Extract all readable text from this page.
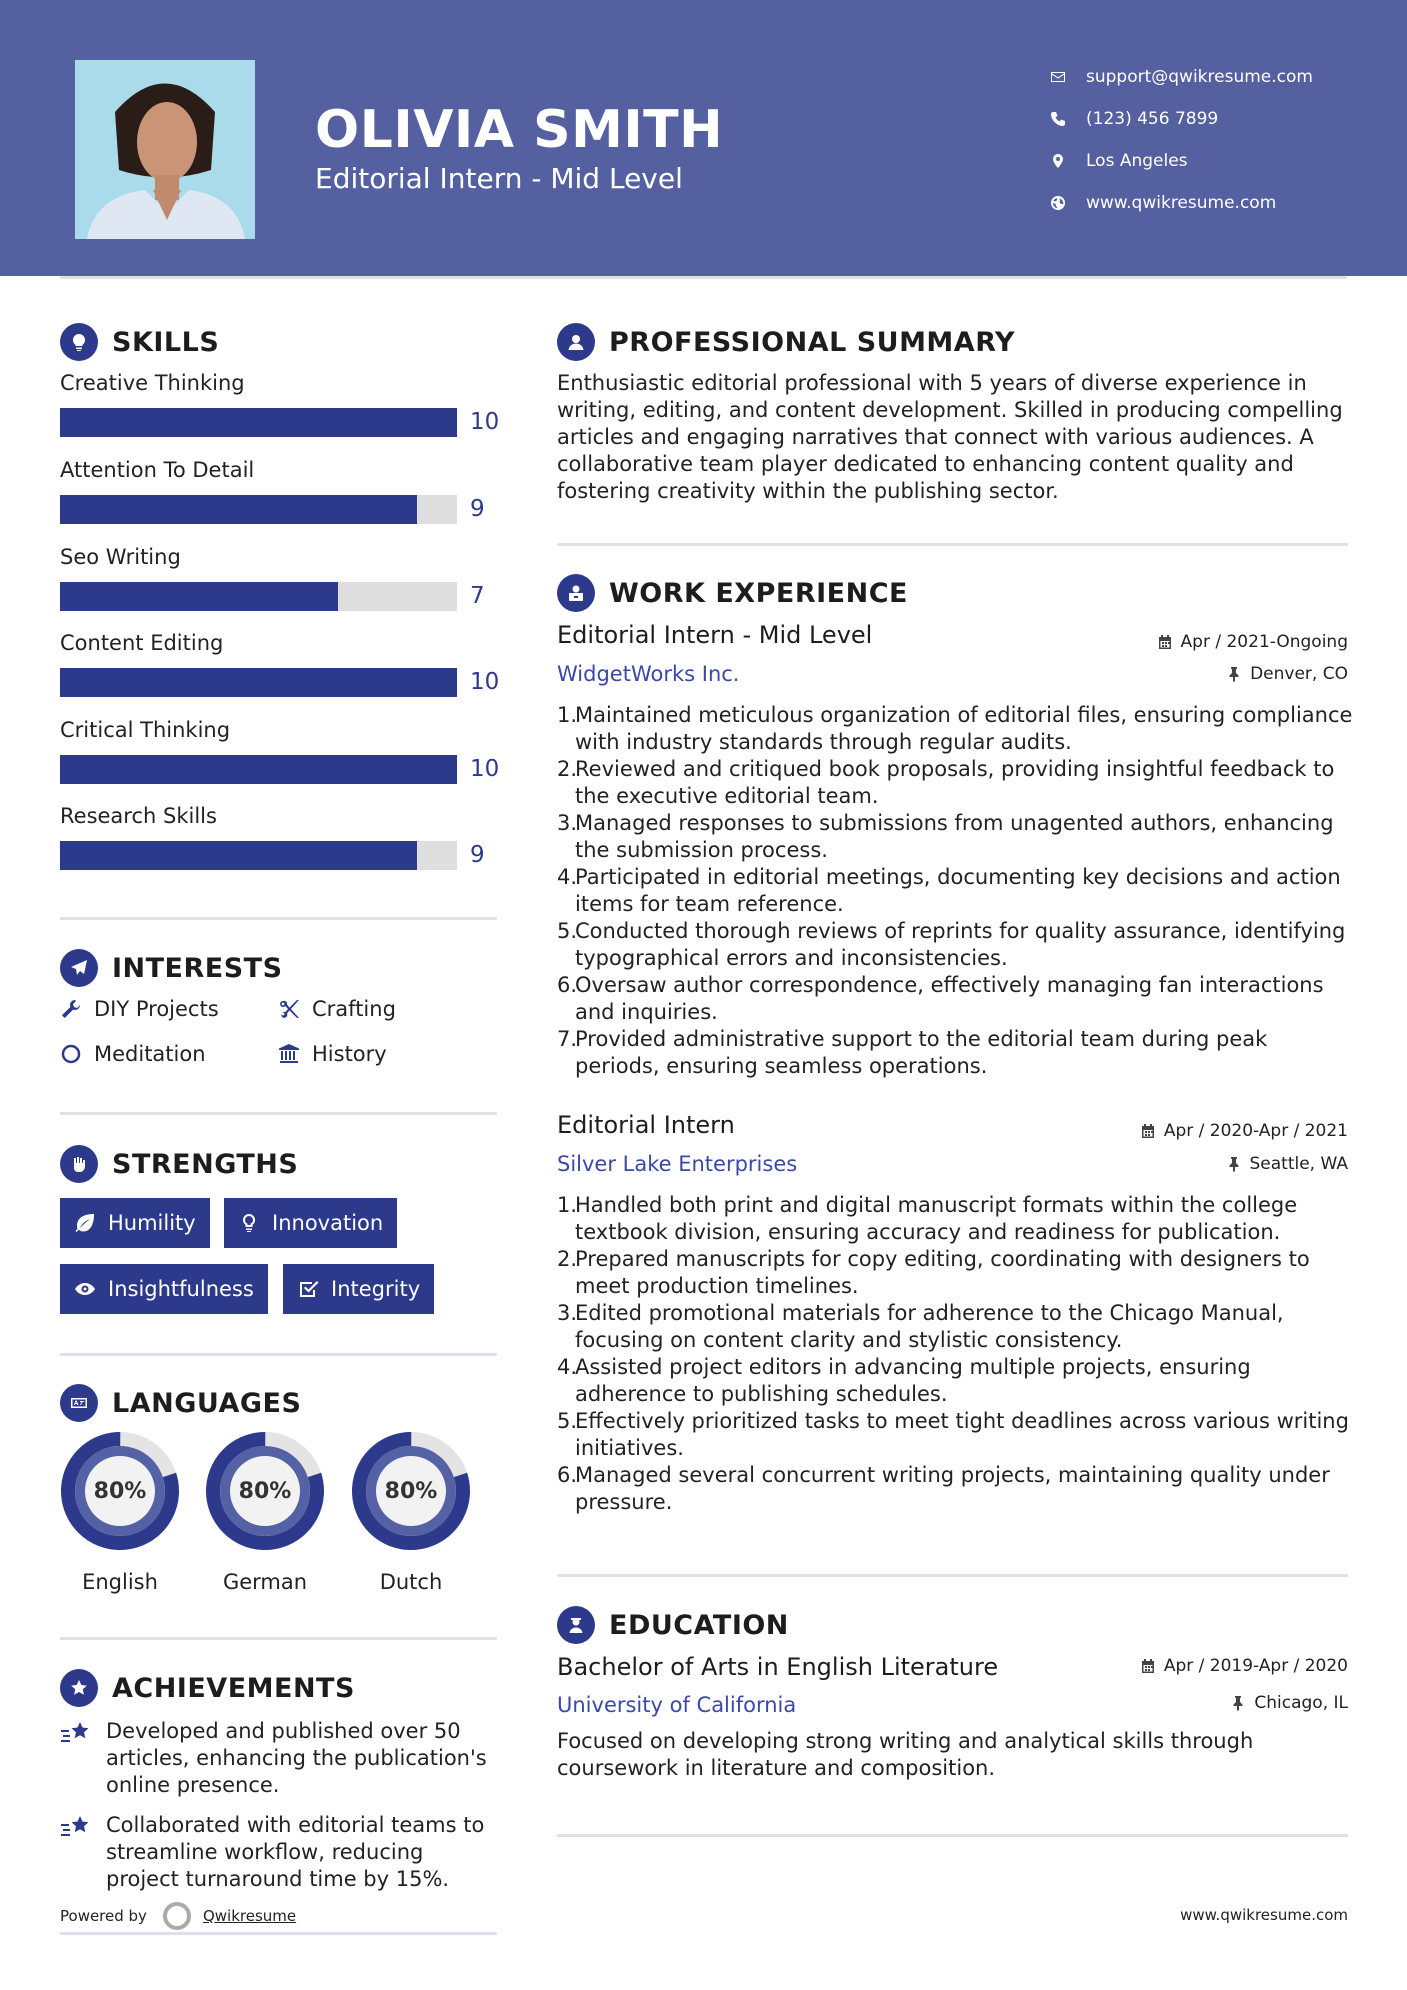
OLIVIA SMITH
Editorial Intern - Mid Level
support@qwikresume.com
(123) 456 7899
Los Angeles
www.qwikresume.com
SKILLS
Creative Thinking
10
Attention To Detail
9
Seo Writing
7
Content Editing
10
Critical Thinking
10
Research Skills
9
INTERESTS
DIY Projects	Crafting
Meditation	History
STRENGTHS
Humility	Innovation
Insightfulness	Integrity
LANGUAGES
80%
English
80%
German
80%
Dutch
ACHIEVEMENTS
Developed and published over 50 articles, enhancing the publication's online presence.
Collaborated with editorial teams to streamline workflow, reducing project turnaround time by 15%.
Powered by	Qwikresume	www.qwikresume.com
PROFESSIONAL SUMMARY
Enthusiastic editorial professional with 5 years of diverse experience in writing, editing, and content development. Skilled in producing compelling articles and engaging narratives that connect with various audiences. A collaborative team player dedicated to enhancing content quality and fostering creativity within the publishing sector.
WORK EXPERIENCE
Editorial Intern - Mid Level	Apr / 2021-Ongoing
WidgetWorks Inc.	Denver, CO
1.
Maintained meticulous organization of editorial files, ensuring compliance with industry standards through regular audits.
2.
Reviewed and critiqued book proposals, providing insightful feedback to the executive editorial team.
3.
Managed responses to submissions from unagented authors, enhancing the submission process.
4.
Participated in editorial meetings, documenting key decisions and action items for team reference.
5.
Conducted thorough reviews of reprints for quality assurance, identifying typographical errors and inconsistencies.
6.
Oversaw author correspondence, effectively managing fan interactions and inquiries.
7.
Provided administrative support to the editorial team during peak periods, ensuring seamless operations.
Editorial Intern	Apr / 2020-Apr / 2021
Silver Lake Enterprises	Seattle, WA
1.
Handled both print and digital manuscript formats within the college textbook division, ensuring accuracy and readiness for publication.
2.
Prepared manuscripts for copy editing, coordinating with designers to meet production timelines.
3.
Edited promotional materials for adherence to the Chicago Manual, focusing on content clarity and stylistic consistency.
4.
Assisted project editors in advancing multiple projects, ensuring adherence to publishing schedules.
5.
Effectively prioritized tasks to meet tight deadlines across various writing initiatives.
6.
Managed several concurrent writing projects, maintaining quality under pressure.
EDUCATION
Bachelor of Arts in English Literature	Apr / 2019-Apr / 2020
University of California	Chicago, IL
Focused on developing strong writing and analytical skills through coursework in literature and composition.
